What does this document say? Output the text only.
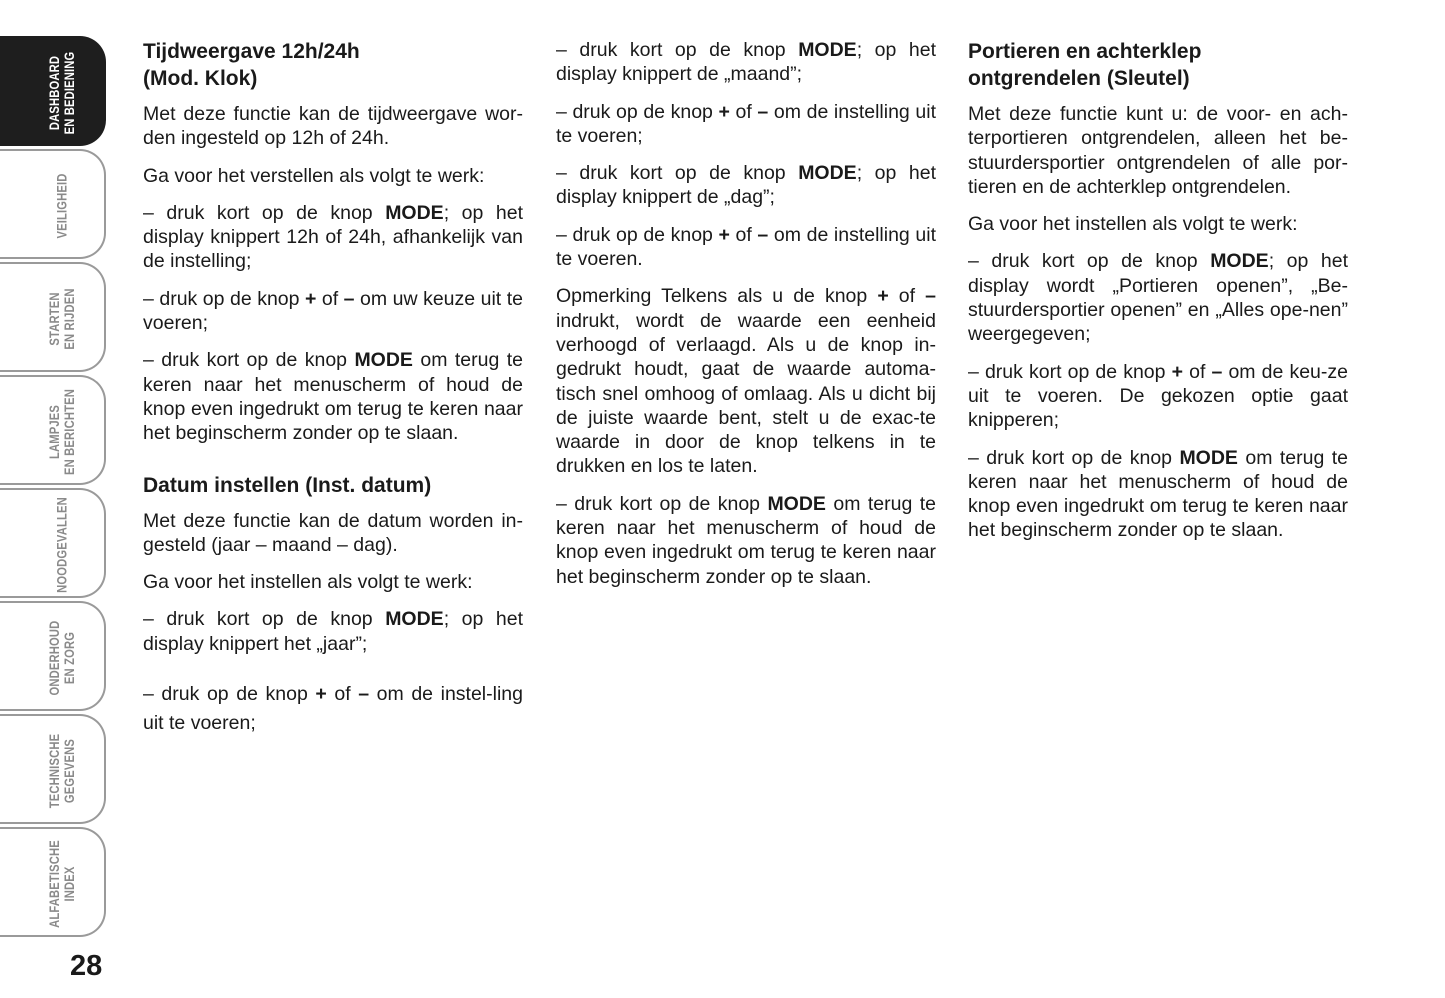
DASHBOARD
EN BEDIENING
VEILIGHEID
STARTEN
EN RIJDEN
LAMPJES
EN BERICHTEN
NOODGEVALLEN
ONDERHOUD
EN ZORG
TECHNISCHE
GEGEVENS
ALFABETISCHE
INDEX
28
Tijdweergave 12h/24h
(Mod. Klok)

Met deze functie kan de tijdweergave wor-den ingesteld op 12h of 24h.

Ga voor het verstellen als volgt te werk:

– druk kort op de knop MODE; op het display knippert 12h of 24h, afhankelijk van de instelling;

– druk op de knop + of – om uw keuze uit te voeren;

– druk kort op de knop MODE om terug te keren naar het menuscherm of houd de knop even ingedrukt om terug te keren naar het beginscherm zonder op te slaan.

Datum instellen (Inst. datum)

Met deze functie kan de datum worden in-gesteld (jaar – maand – dag).

Ga voor het instellen als volgt te werk:

– druk kort op de knop MODE; op het display knippert het „jaar”;

– druk op de knop + of – om de instel-ling uit te voeren;

– druk kort op de knop MODE; op het display knippert de „maand”;

– druk op de knop + of – om de instelling uit te voeren;

– druk kort op de knop MODE; op het display knippert de „dag”;

– druk op de knop + of – om de instelling uit te voeren.

Opmerking Telkens als u de knop + of – indrukt, wordt de waarde een eenheid verhoogd of verlaagd. Als u de knop in-gedrukt houdt, gaat de waarde automa-tisch snel omhoog of omlaag. Als u dicht bij de juiste waarde bent, stelt u de exac-te waarde in door de knop telkens in te drukken en los te laten.

– druk kort op de knop MODE om terug te keren naar het menuscherm of houd de knop even ingedrukt om terug te keren naar het beginscherm zonder op te slaan.

Portieren en achterklep
ontgrendelen (Sleutel)

Met deze functie kunt u: de voor- en ach-terportieren ontgrendelen, alleen het be-stuurdersportier ontgrendelen of alle por-tieren en de achterklep ontgrendelen.

Ga voor het instellen als volgt te werk:

– druk kort op de knop MODE; op het display wordt „Portieren openen”, „Be-stuurdersportier openen” en „Alles ope-nen” weergegeven;

– druk kort op de knop + of – om de keu-ze uit te voeren. De gekozen optie gaat knipperen;

– druk kort op de knop MODE om terug te keren naar het menuscherm of houd de knop even ingedrukt om terug te keren naar het beginscherm zonder op te slaan.
